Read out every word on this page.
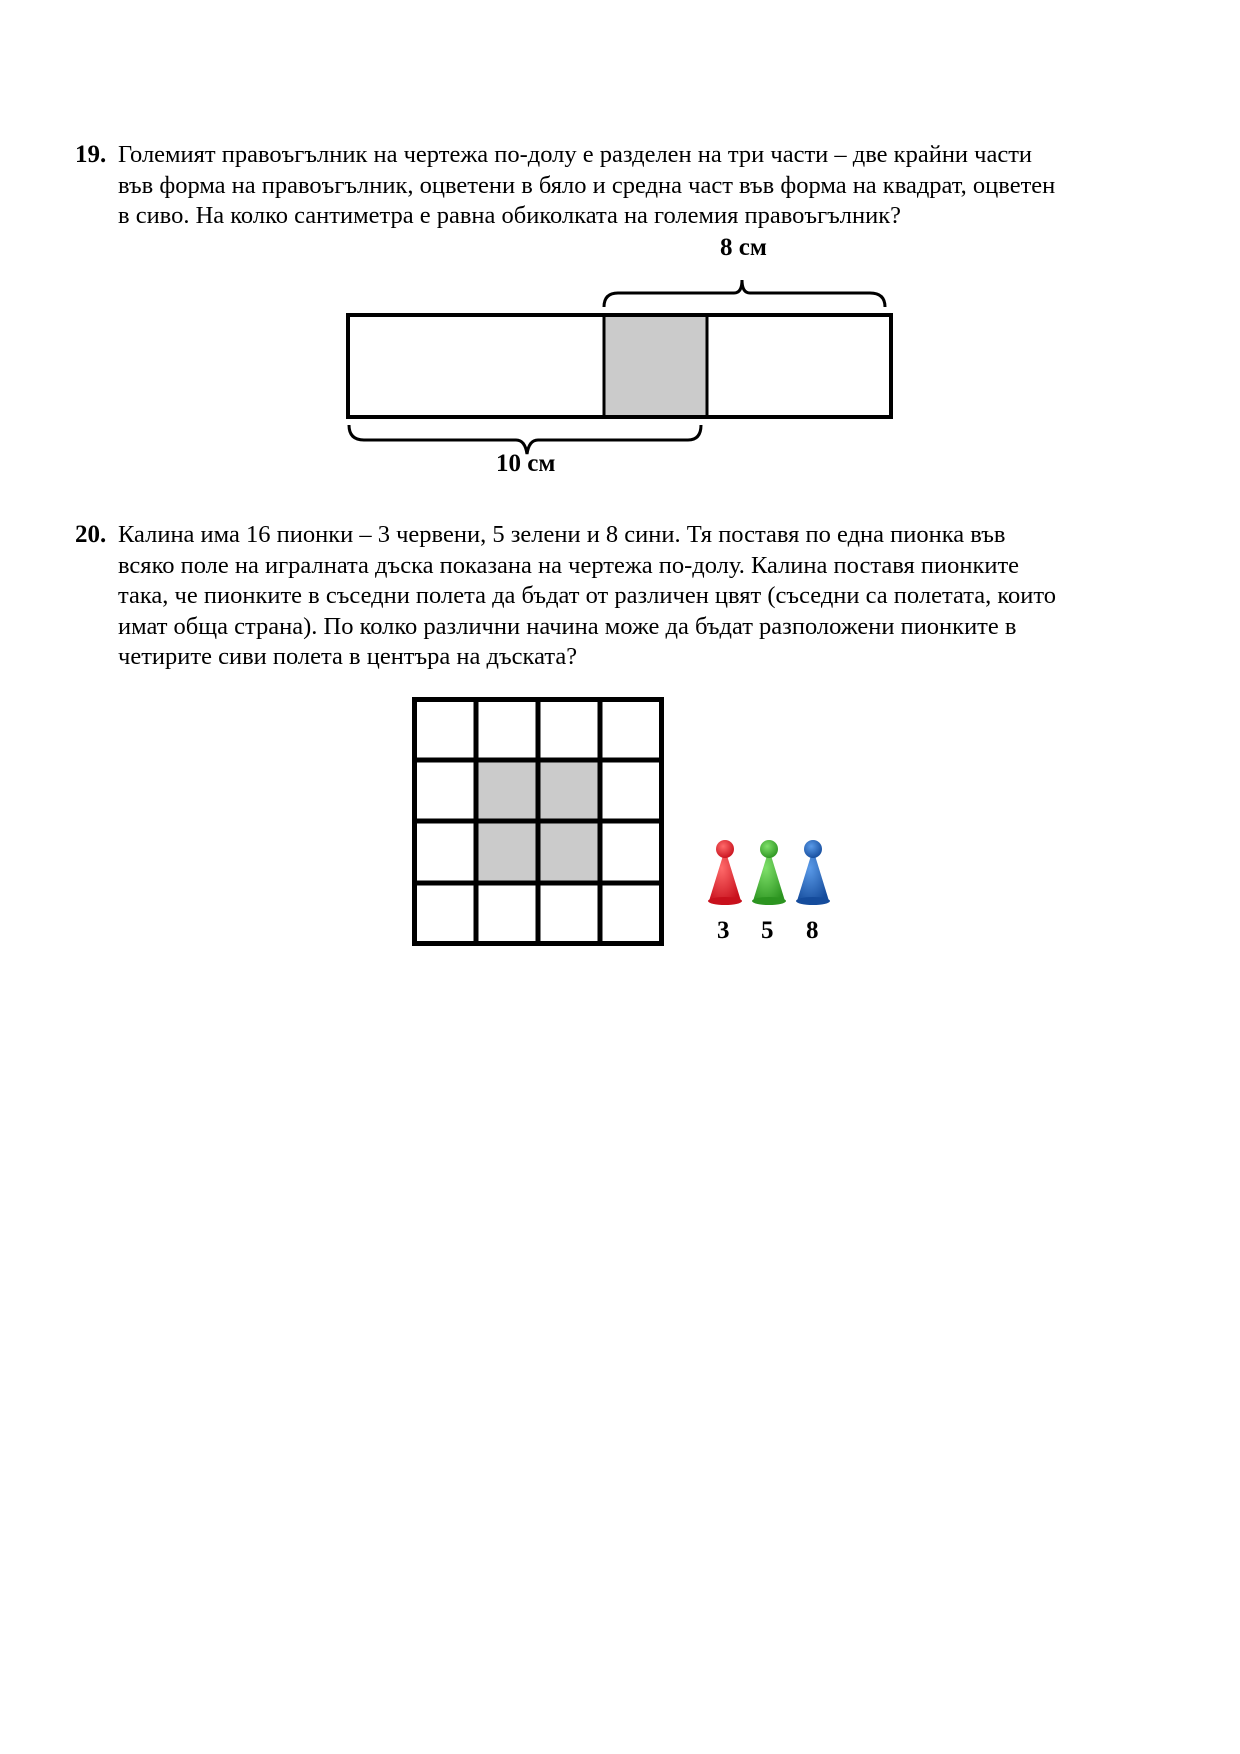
19. Големият правоъгълник на чертежа по-долу е разделен на три части – две крайни части
във форма на правоъгълник, оцветени в бяло и средна част във форма на квадрат, оцветен
в сиво. На колко сантиметра е равна обиколката на големия правоъгълник?
8 см
10 см
20. Калина има 16 пионки – 3 червени, 5 зелени и 8 сини. Тя поставя по една пионка във
всяко поле на игралната дъска показана на чертежа по-долу. Калина поставя пионките
така, че пионките в съседни полета да бъдат от различен цвят (съседни са полетата, които
имат обща страна). По колко различни начина може да бъдат разположени пионките в
четирите сиви полета в центъра на дъската?
3 5 8
